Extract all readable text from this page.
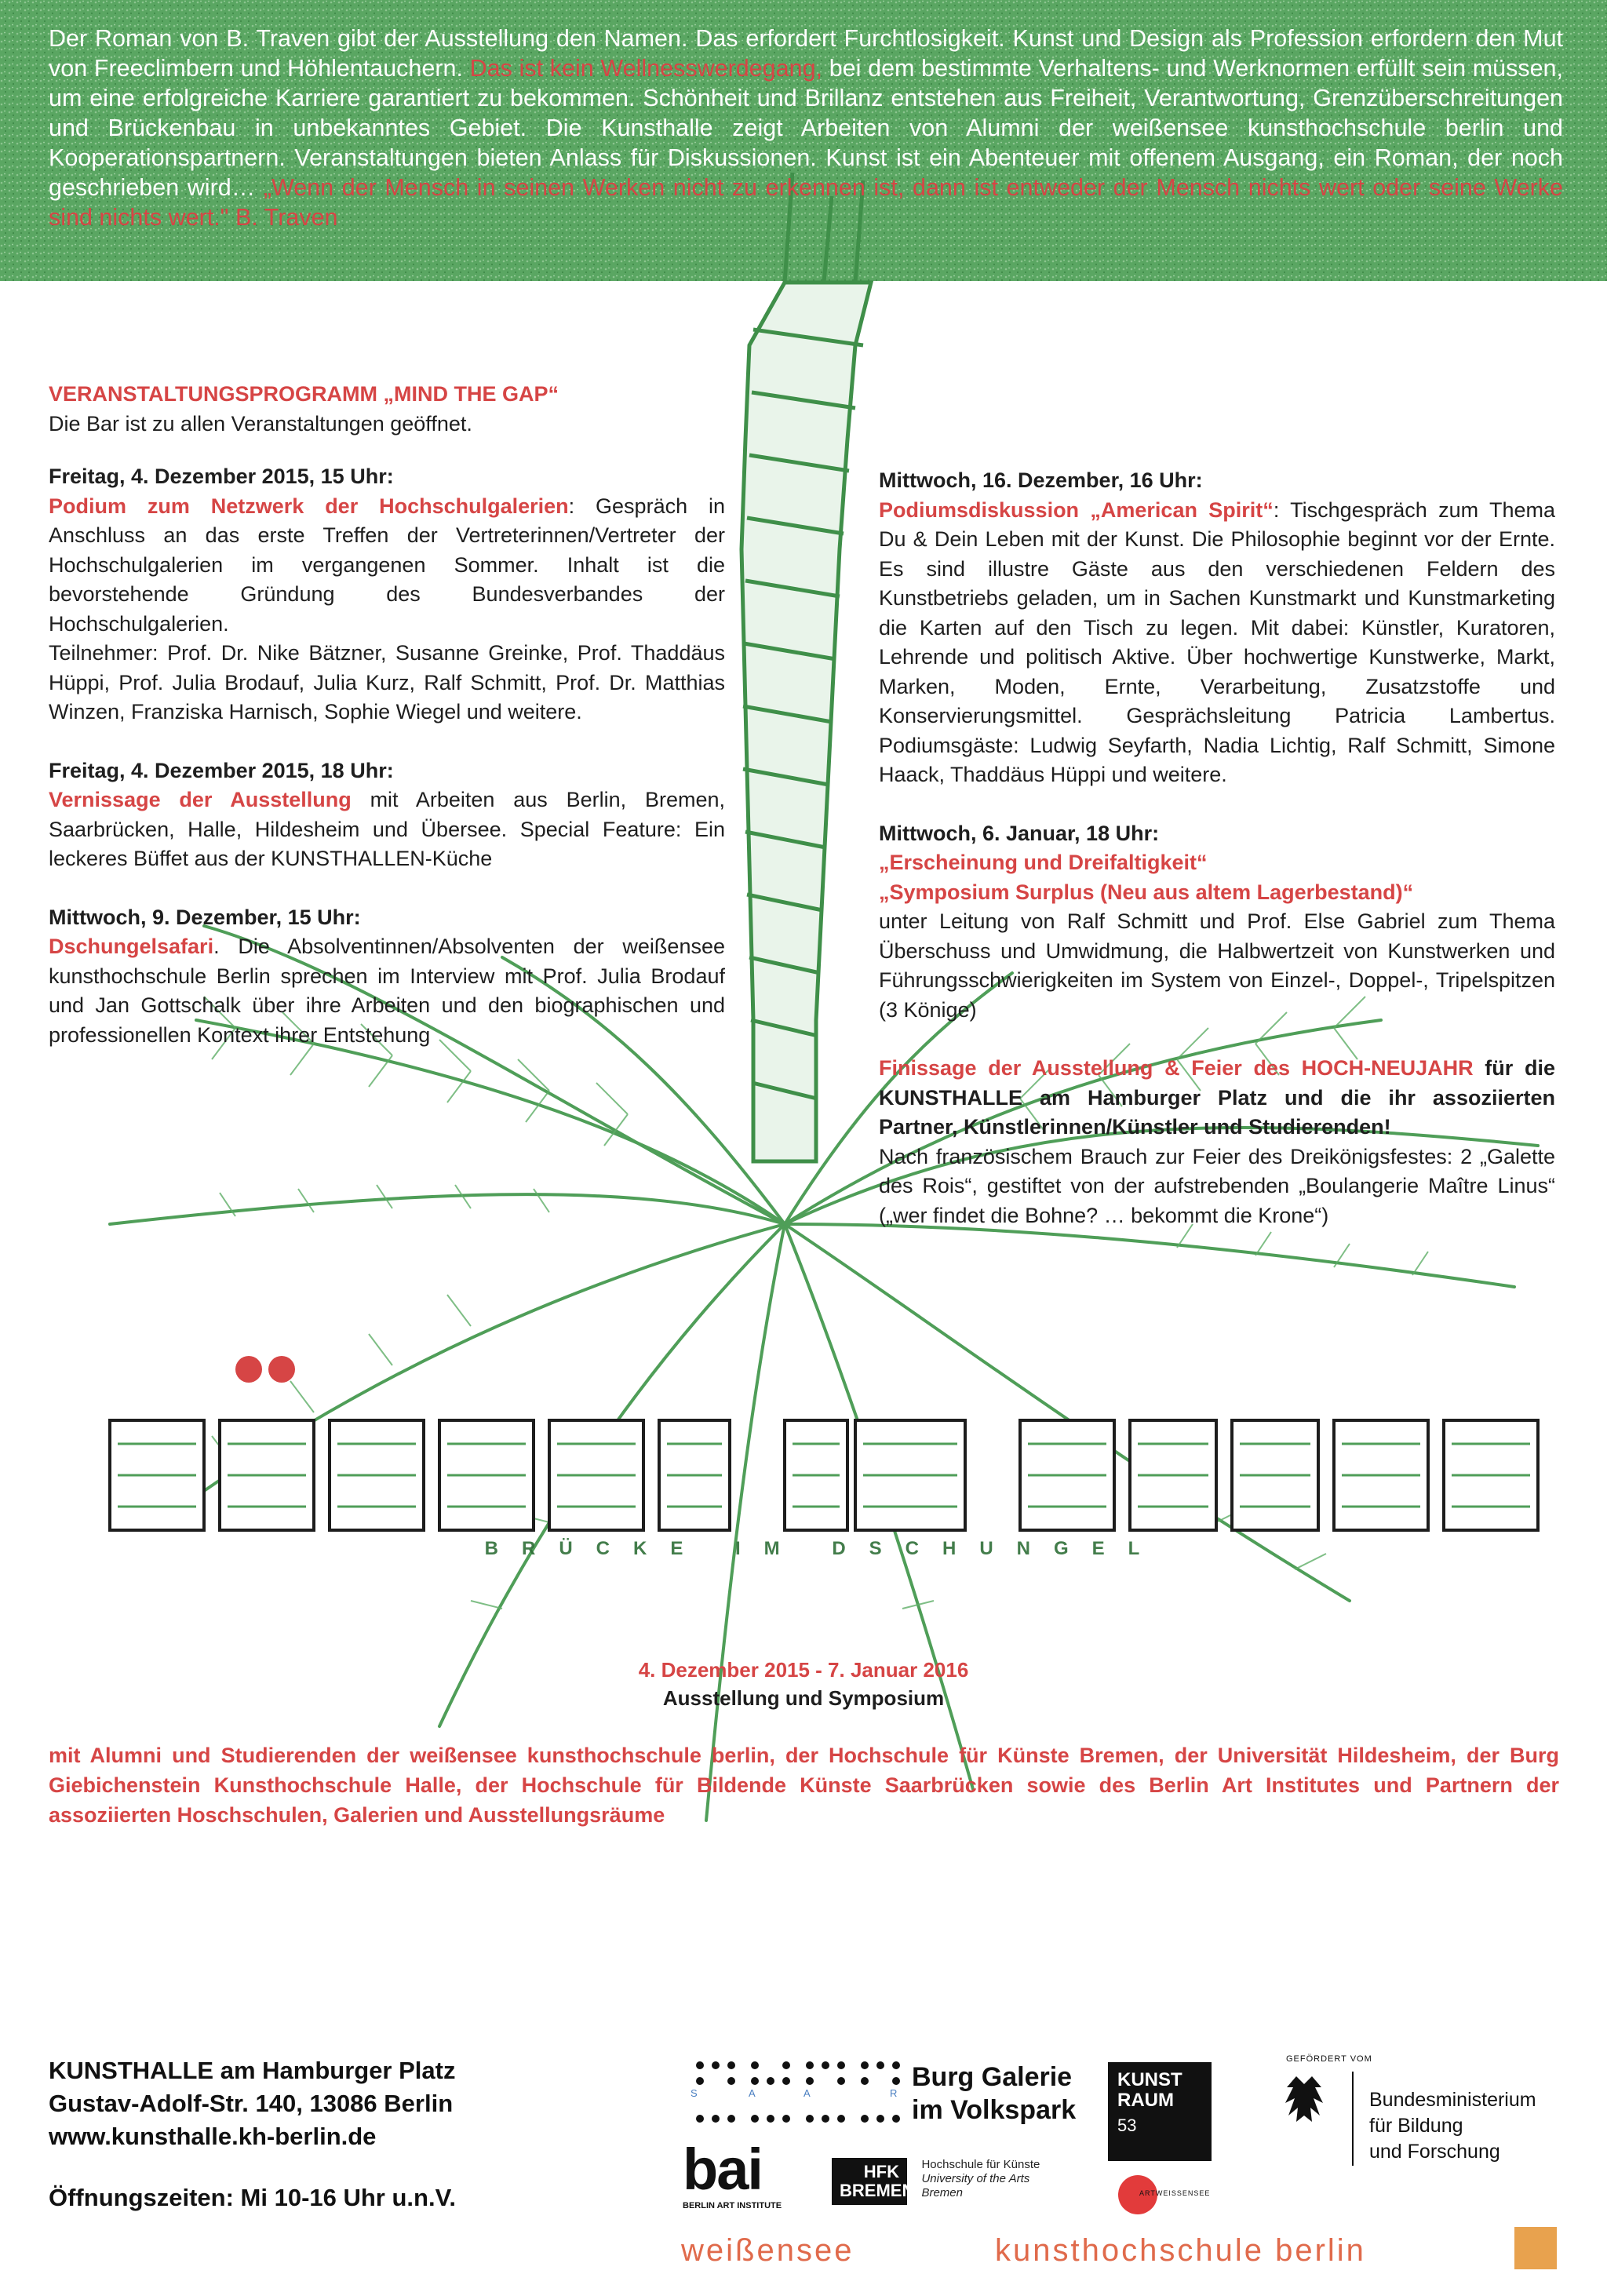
Der Roman von B. Traven gibt der Ausstellung den Namen. Das erfordert Furchtlosigkeit. Kunst und Design als Profession erfordern den Mut von Freeclimbern und Höhlentauchern. Das ist kein Wellnesswerdegang, bei dem bestimmte Verhaltens- und Werknormen erfüllt sein müssen, um eine erfolgreiche Karriere garantiert zu bekommen. Schönheit und Brillanz entstehen aus Freiheit, Verantwortung, Grenzüberschreitungen und Brückenbau in unbekanntes Gebiet. Die Kunsthalle zeigt Arbeiten von Alumni der weißensee kunsthochschule berlin und Kooperationspartnern. Veranstaltungen bieten Anlass für Diskussionen. Kunst ist ein Abenteuer mit offenem Ausgang, ein Roman, der noch geschrieben wird… „Wenn der Mensch in seinen Werken nicht zu erkennen ist, dann ist entweder der Mensch nichts wert oder seine Werke sind nichts wert." B. Traven

VERANSTALTUNGSPROGRAMM „MIND THE GAP“

Die Bar ist zu allen Veranstaltungen geöffnet.

Freitag, 4. Dezember 2015, 15 Uhr:

Podium zum Netzwerk der Hochschulgalerien: Gespräch in Anschluss an das erste Treffen der Vertreterinnen/Vertreter der Hochschulgalerien im vergangenen Sommer. Inhalt ist die bevorstehende Gründung des Bundesverbandes der Hochschulgalerien.

Teilnehmer: Prof. Dr. Nike Bätzner, Susanne Greinke, Prof. Thaddäus Hüppi, Prof. Julia Brodauf, Julia Kurz, Ralf Schmitt, Prof. Dr. Matthias Winzen, Franziska Harnisch, Sophie Wiegel und weitere.

Freitag, 4. Dezember 2015, 18 Uhr:

Vernissage der Ausstellung mit Arbeiten aus Berlin, Bremen, Saarbrücken, Halle, Hildesheim und Übersee. Special Feature: Ein leckeres Büffet aus der KUNSTHALLEN-Küche

Mittwoch, 9. Dezember, 15 Uhr:

Dschungelsafari. Die Absolventinnen/Absolventen der weißensee kunsthochschule Berlin sprechen im Interview mit Prof. Julia Brodauf und Jan Gottschalk über ihre Arbeiten und den biographischen und professionellen Kontext ihrer Entstehung

Mittwoch, 16. Dezember, 16 Uhr:

Podiumsdiskussion „American Spirit“: Tischgespräch zum Thema Du & Dein Leben mit der Kunst. Die Philosophie beginnt vor der Ernte. Es sind illustre Gäste aus den verschiedenen Feldern des Kunstbetriebs geladen, um in Sachen Kunstmarkt und Kunstmarketing die Karten auf den Tisch zu legen. Mit dabei: Künstler, Kuratoren, Lehrende und politisch Aktive. Über hochwertige Kunstwerke, Markt, Marken, Moden, Ernte, Verarbeitung, Zusatzstoffe und Konservierungsmittel. Gesprächsleitung Patricia Lambertus. Podiumsgäste: Ludwig Seyfarth, Nadia Lichtig, Ralf Schmitt, Simone Haack, Thaddäus Hüppi und weitere.

Mittwoch, 6. Januar, 18 Uhr:

„Erscheinung und Dreifaltigkeit“

„Symposium Surplus (Neu aus altem Lagerbestand)“

unter Leitung von Ralf Schmitt und Prof. Else Gabriel zum Thema Überschuss und Umwidmung, die Halbwertzeit von Kunstwerken und Führungsschwierigkeiten im System von Einzel-, Doppel-, Tripelspitzen (3 Könige)

Finissage der Ausstellung & Feier des HOCH-NEUJAHR für die KUNSTHALLE am Hamburger Platz und die ihr assoziierten Partner, Künstlerinnen/Künstler und Studierenden!

Nach französischem Brauch zur Feier des Dreikönigsfestes: 2 „Galette des Rois“, gestiftet von der aufstrebenden „Boulangerie Maître Linus“ („wer findet die Bohne? … bekommt die Krone“)

BRÜCKE IM DSCHUNGEL
4. Dezember 2015 - 7. Januar 2016
Ausstellung und Symposium
mit Alumni und Studierenden der weißensee kunsthochschule berlin, der Hochschule für Künste Bremen, der Universität Hildesheim, der Burg Giebichenstein Kunsthochschule Halle, der Hochschule für Bildende Künste Saarbrücken sowie des Berlin Art Institutes und Partnern der assoziierten Hoschschulen, Galerien und Ausstellungsräume
KUNSTHALLE am Hamburger Platz
Gustav-Adolf-Str. 140, 13086 Berlin
www.kunsthalle.kh-berlin.de
Öffnungszeiten: Mi 10-16 Uhr u.n.V.
S	A	A	R
Burg Galerie
im Volkspark
KUNST
RAUM
53
GEFÖRDERT VOM
Bundesministerium
für Bildung
und Forschung
bai
BERLIN ART INSTITUTE
HFK
BREMEN

Hochschule für Künste
University of the Arts
Bremen	ARTWEISSENSEE
weißensee	kunsthochschule berlin
